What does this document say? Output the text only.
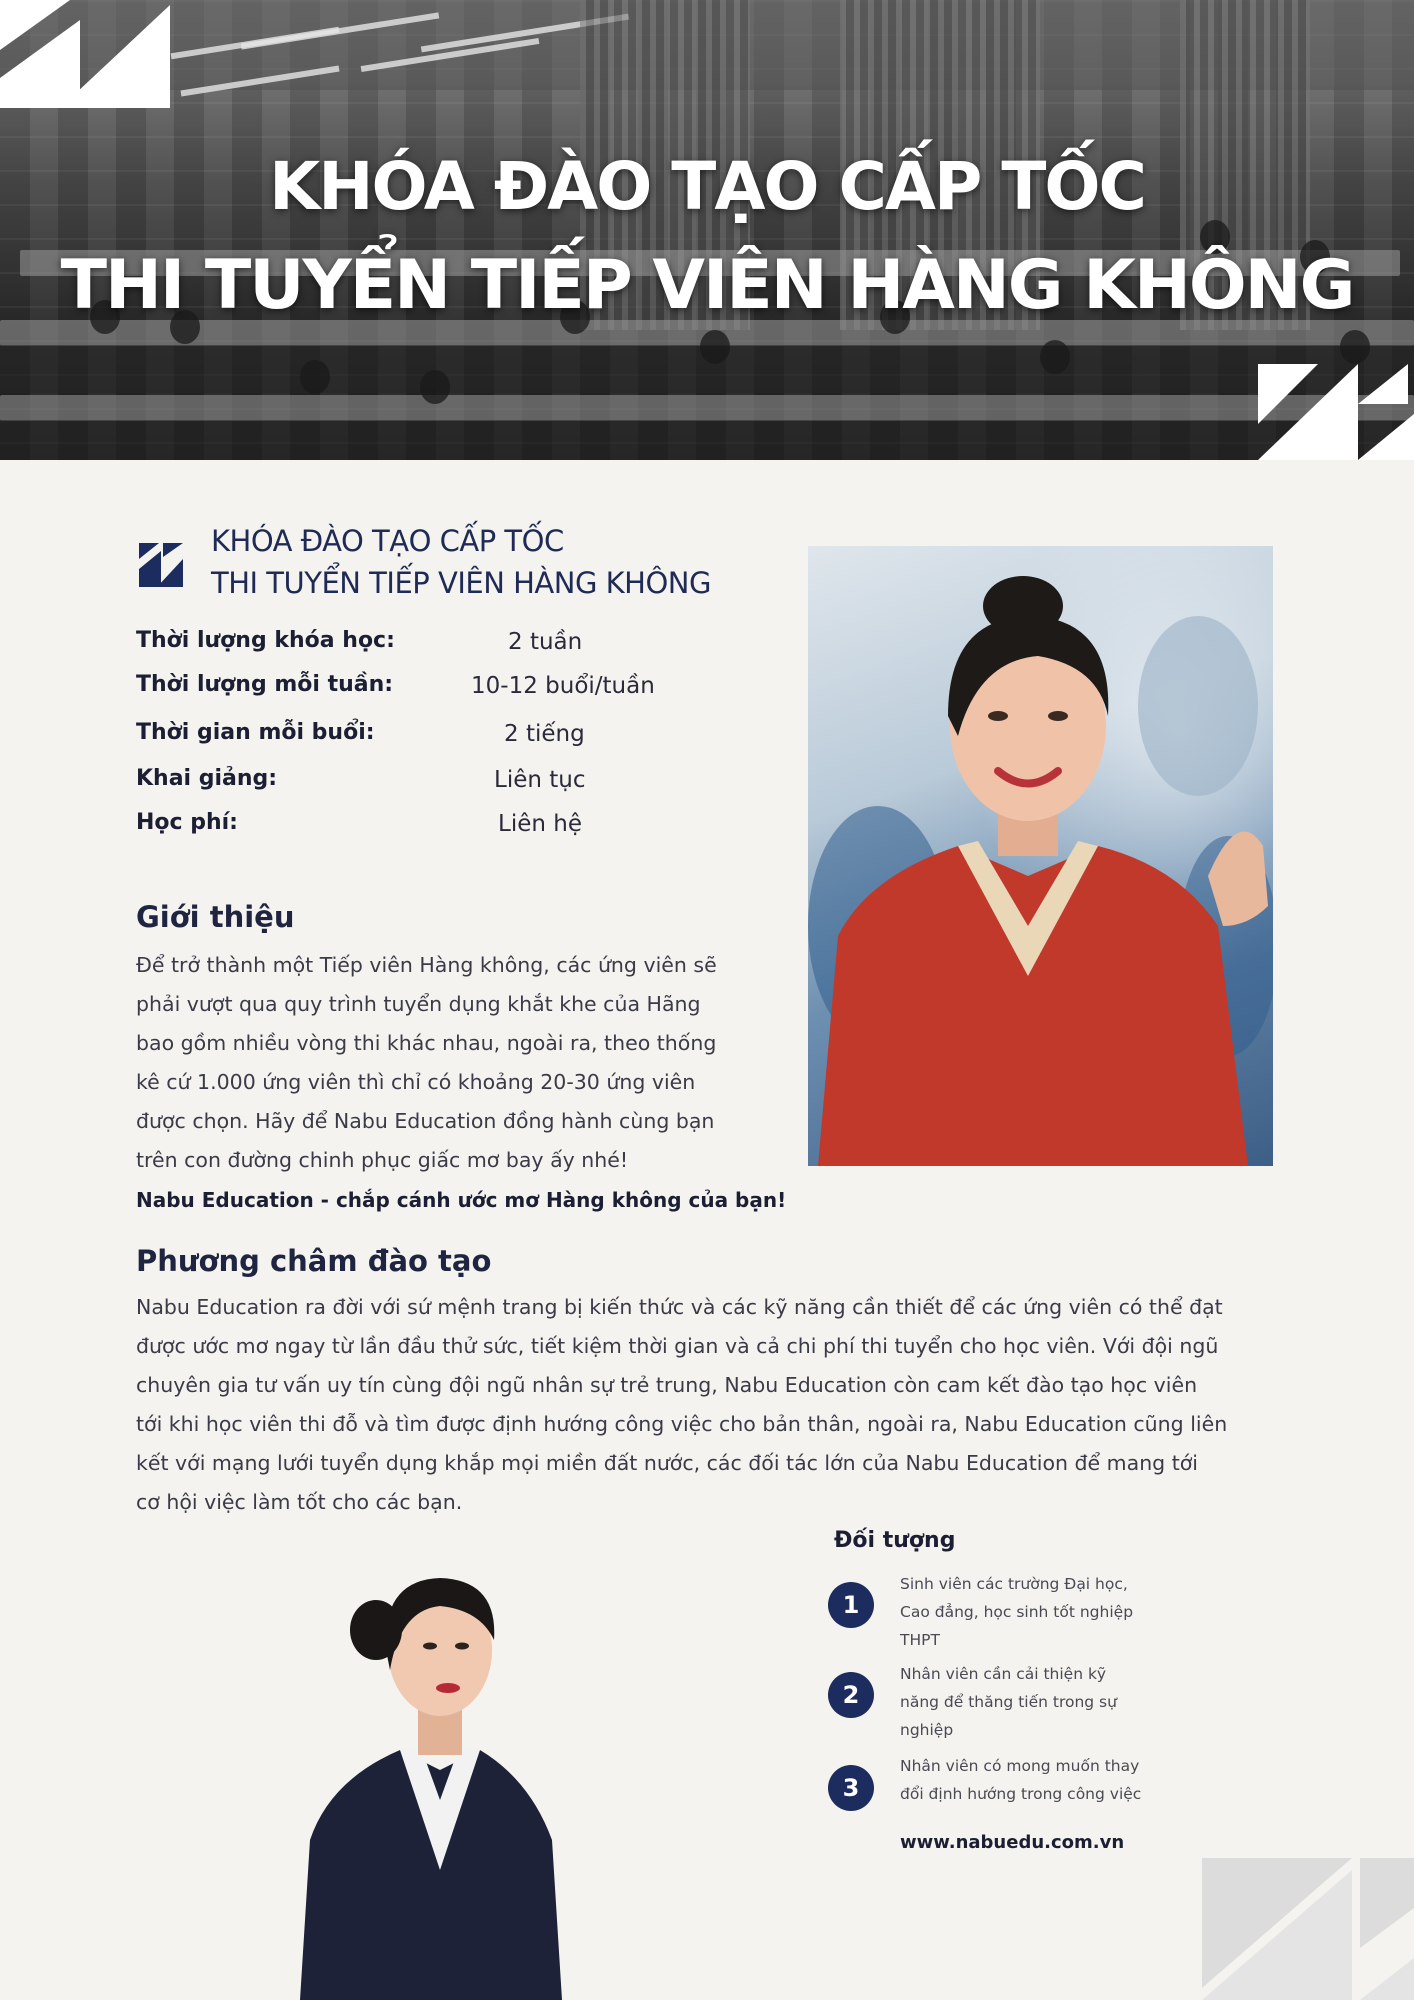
KHÓA ĐÀO TẠO CẤP TỐC
THI TUYỂN TIẾP VIÊN HÀNG KHÔNG
KHÓA ĐÀO TẠO CẤP TỐC
THI TUYỂN TIẾP VIÊN HÀNG KHÔNG
Thời lượng khóa học:	2 tuần
Thời lượng mỗi tuần:	10-12 buổi/tuần
Thời gian mỗi buổi:	2 tiếng
Khai giảng:	Liên tục
Học phí:	Liên hệ
Giới thiệu
Để trở thành một Tiếp viên Hàng không, các ứng viên sẽ
phải vượt qua quy trình tuyển dụng khắt khe của Hãng
bao gồm nhiều vòng thi khác nhau, ngoài ra, theo thống
kê cứ 1.000 ứng viên thì chỉ có khoảng 20-30 ứng viên
được chọn. Hãy để Nabu Education đồng hành cùng bạn
trên con đường chinh phục giấc mơ bay ấy nhé!
Nabu Education - chắp cánh ước mơ Hàng không của bạn!
Phương châm đào tạo
Nabu Education ra đời với sứ mệnh trang bị kiến thức và các kỹ năng cần thiết để các ứng viên có thể đạt
được ước mơ ngay từ lần đầu thử sức, tiết kiệm thời gian và cả chi phí thi tuyển cho học viên. Với đội ngũ
chuyên gia tư vấn uy tín cùng đội ngũ nhân sự trẻ trung, Nabu Education còn cam kết đào tạo học viên
tới khi học viên thi đỗ và tìm được định hướng công việc cho bản thân, ngoài ra, Nabu Education cũng liên
kết với mạng lưới tuyển dụng khắp mọi miền đất nước, các đối tác lớn của Nabu Education để mang tới
cơ hội việc làm tốt cho các bạn.
Đối tượng
1
Sinh viên các trường Đại học,
Cao đẳng, học sinh tốt nghiệp
THPT
2
Nhân viên cần cải thiện kỹ
năng để thăng tiến trong sự
nghiệp
3
Nhân viên có mong muốn thay
đổi định hướng trong công việc
www.nabuedu.com.vn
